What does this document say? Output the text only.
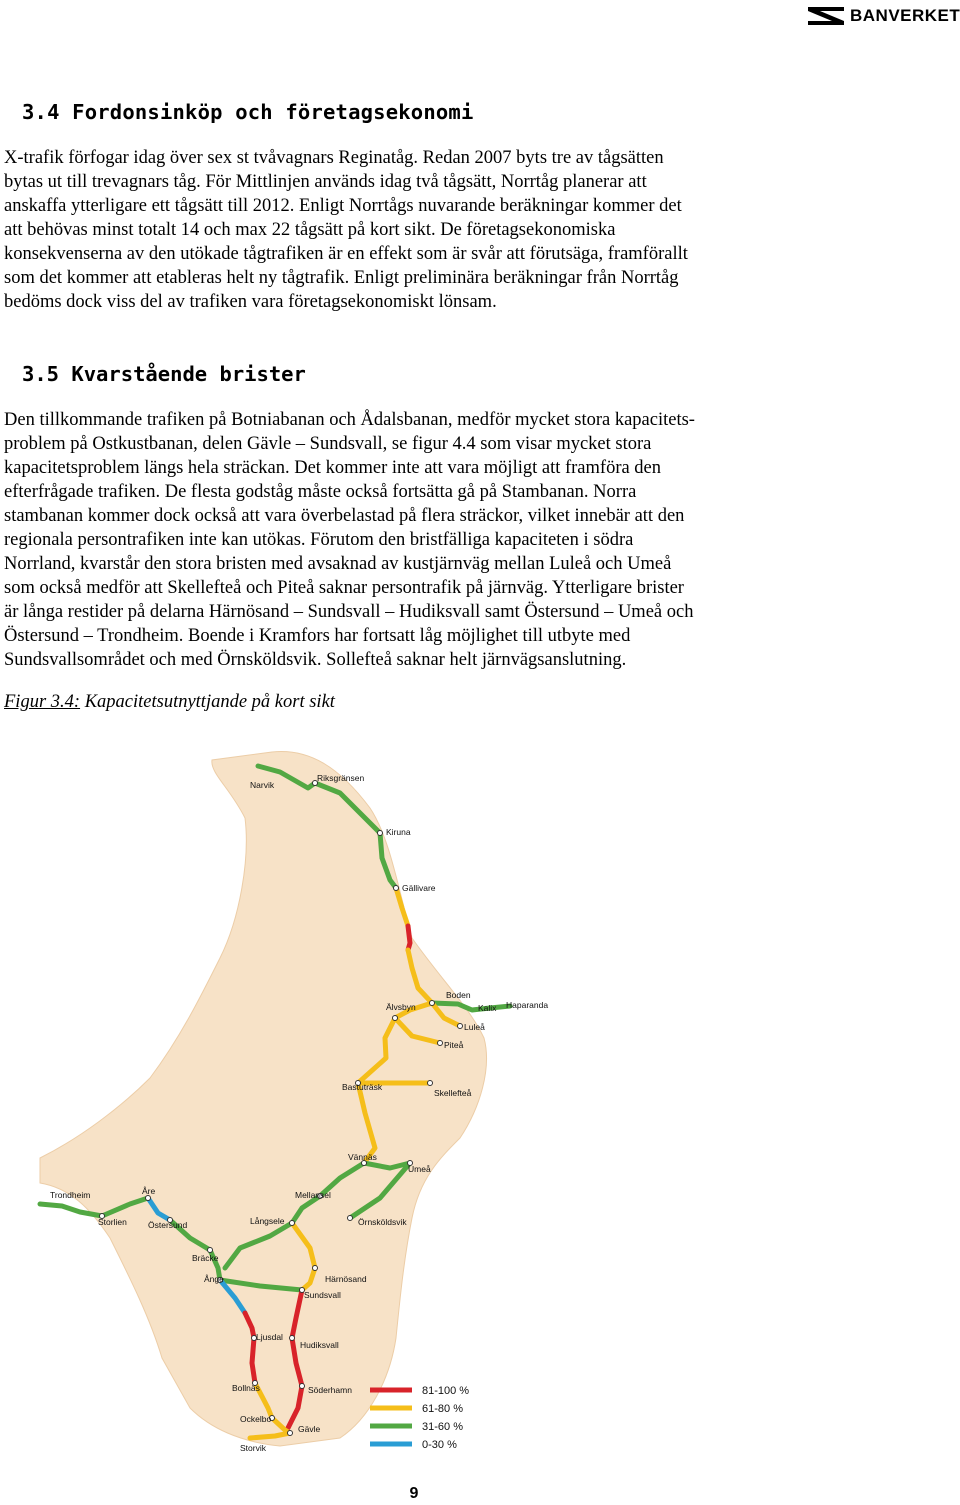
BANVERKET
3.4 Fordonsinköp och företagsekonomi
X-trafik förfogar idag över sex st tvåvagnars Reginatåg. Redan 2007 byts tre av tågsätten
bytas ut till trevagnars tåg. För Mittlinjen används idag två tågsätt, Norrtåg planerar att
anskaffa ytterligare ett tågsätt till 2012. Enligt Norrtågs nuvarande beräkningar kommer det
att behövas minst totalt 14 och max 22 tågsätt på kort sikt. De företagsekonomiska
konsekvenserna av den utökade tågtrafiken är en effekt som är svår att förutsäga, framförallt
som det kommer att etableras helt ny tågtrafik. Enligt preliminära beräkningar från Norrtåg
bedöms dock viss del av trafiken vara företagsekonomiskt lönsam.
3.5 Kvarstående brister
Den tillkommande trafiken på Botniabanan och Ådalsbanan, medför mycket stora kapacitets-
problem på Ostkustbanan, delen Gävle – Sundsvall, se figur 4.4 som visar mycket stora
kapacitetsproblem längs hela sträckan. Det kommer inte att vara möjligt att framföra den
efterfrågade trafiken. De flesta godståg måste också fortsätta gå på Stambanan. Norra
stambanan kommer dock också att vara överbelastad på flera sträckor, vilket innebär att den
regionala persontrafiken inte kan utökas. Förutom den bristfälliga kapaciteten i södra
Norrland, kvarstår den stora bristen med avsaknad av kustjärnväg mellan Luleå och Umeå
som också medför att Skellefteå och Piteå saknar persontrafik på järnväg. Ytterligare brister
är långa restider på delarna Härnösand – Sundsvall – Hudiksvall samt Östersund – Umeå och
Östersund – Trondheim. Boende i Kramfors har fortsatt låg möjlighet till utbyte med
Sundsvallsområdet och med Örnsköldsvik. Sollefteå saknar helt järnvägsanslutning.
Figur 3.4: Kapacitetsutnyttjande på kort sikt
Narvik
Riksgränsen
Kiruna
Gällivare
Boden
Kalix Haparanda
Älvsbyn
Luleå
Piteå
Bastuträsk
Skellefteå
Vännäs
Umeå
Trondheim	Åre	Mellansel
Storlien Östersund	Långsele	Örnsköldsvik
Bräcke
Ånge	Härnösand
Sundsvall
Ljusdal
Hudiksvall
Söderhamn
Bollnäs
Ockelbo
Gävle
Storvik
81-100 %
61-80 %
31-60 %
0-30 %
9
